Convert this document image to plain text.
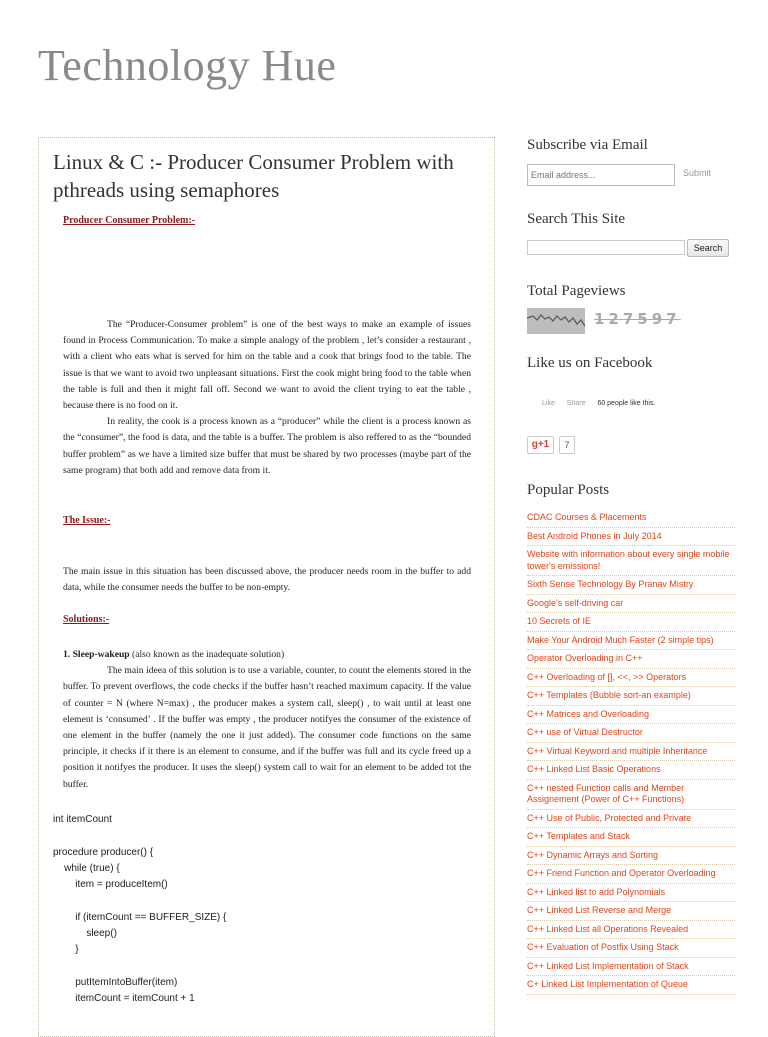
Technology Hue
Linux & C :- Producer Consumer Problem with pthreads using semaphores
Producer Consumer Problem:-

The “Producer-Consumer problem” is one of the best ways to make an example of issues found in Process Communication. To make a simple analogy of the problem , let’s consider a restaurant , with a client who eats what is served for him on the table and a cook that brings food to the table. The issue is that we want to avoid two unpleasant situations. First the cook might bring food to the table when the table is full and then it might fall off. Second we want to avoid the client trying to eat the table , because there is no food on it.

In reality, the cook is a process known as a “producer” while the client is a process known as the “consumer”, the food is data, and the table is a buffer. The problem is also reffered to as the “bounded buffer problem” as we have a limited size buffer that must be shared by two processes (maybe part of the same program) that both add and remove data from it.

The Issue:-

The main issue in this situation has been discussed above, the producer needs room in the buffer to add data, while the consumer needs the buffer to be non-empty.

Solutions:-

1. Sleep-wakeup (also known as the inadequate solution)

The main ideea of this solution is to use a variable, counter, to count the elements stored in the buffer. To prevent overflows, the code checks if the buffer hasn’t reached maximum capacity. If the value of counter = N (where N=max) , the producer makes a system call, sleep() , to wait until at least one element is ‘consumed’ . If the buffer was empty , the producer notifyes the consumer of the existence of one element in the buffer (namely the one it just added). The consumer code functions on the same principle, it checks if it there is an element to consume, and if the buffer was full and its cycle freed up a position it notifyes the producer. It uses the sleep() system call to wait for an element to be added tot the buffer.

int itemCount

procedure producer() {
while (true) {
item = produceItem()

if (itemCount == BUFFER_SIZE) {
sleep()
}

putItemIntoBuffer(item)
itemCount = itemCount + 1

Subscribe via Email
Email address...
Submit
Search This Site
Search
Total Pageviews
127597
Like us on Facebook
Like Share 60 people like this.
g+1	7
Popular Posts
CDAC Courses & Placements
Best Android Phones in July 2014
Website with information about every single mobile tower's emissions!
Sixth Sense Technology By Pranav Mistry
Google's self-driving car
10 Secrets of IE
Make Your Android Much Faster (2 simple tips)
Operator Overloading in C++
C++ Overloading of [], <<, >> Operators
C++ Templates (Bubble sort-an example)
C++ Matrices and Overloading
C++ use of Virtual Destructor
C++ Virtual Keyword and multiple Inheritance
C++ Linked List Basic Operations
C++ nested Function calls and Member Assignement (Power of C++ Functions)
C++ Use of Public, Protected and Private
C++ Templates and Stack
C++ Dynamic Arrays and Sorting
C++ Friend Function and Operator Overloading
C++ Linked list to add Polynomials
C++ Linked List Reverse and Merge
C++ Linked List all Operations Revealed
C++ Evaluation of Postfix Using Stack
C++ Linked List Implementation of Stack
C+ Linked List Implementation of Queue
